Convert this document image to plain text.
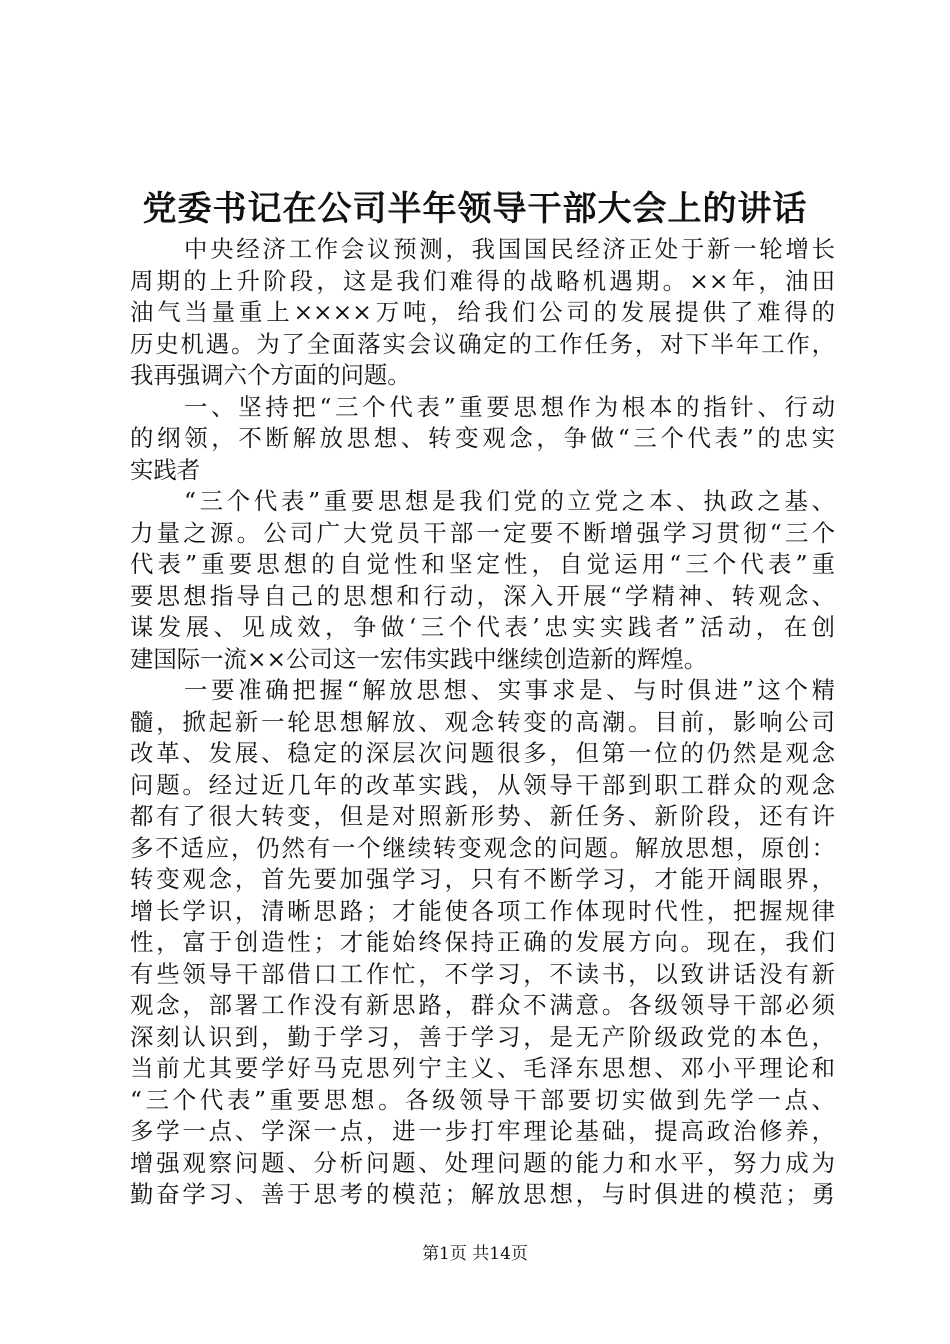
党委书记在公司半年领导干部大会上的讲话
中央经济工作会议预测，我国国民经济正处于新一轮增长
周期的上升阶段，这是我们难得的战略机遇期。××年，油田
油气当量重上××××万吨，给我们公司的发展提供了难得的
历史机遇。为了全面落实会议确定的工作任务，对下半年工作，
我再强调六个方面的问题。
一、坚持把“三个代表”重要思想作为根本的指针、行动
的纲领，不断解放思想、转变观念，争做“三个代表”的忠实
实践者
“三个代表”重要思想是我们党的立党之本、执政之基、
力量之源。公司广大党员干部一定要不断增强学习贯彻“三个
代表”重要思想的自觉性和坚定性，自觉运用“三个代表”重
要思想指导自己的思想和行动，深入开展“学精神、转观念、
谋发展、见成效，争做‘三个代表’忠实实践者”活动，在创
建国际一流××公司这一宏伟实践中继续创造新的辉煌。
一要准确把握“解放思想、实事求是、与时俱进”这个精
髓，掀起新一轮思想解放、观念转变的高潮。目前，影响公司
改革、发展、稳定的深层次问题很多，但第一位的仍然是观念
问题。经过近几年的改革实践，从领导干部到职工群众的观念
都有了很大转变，但是对照新形势、新任务、新阶段，还有许
多不适应，仍然有一个继续转变观念的问题。解放思想，原创：
转变观念，首先要加强学习，只有不断学习，才能开阔眼界，
增长学识，清晰思路；才能使各项工作体现时代性，把握规律
性，富于创造性；才能始终保持正确的发展方向。现在，我们
有些领导干部借口工作忙，不学习，不读书，以致讲话没有新
观念，部署工作没有新思路，群众不满意。各级领导干部必须
深刻认识到，勤于学习，善于学习，是无产阶级政党的本色，
当前尤其要学好马克思列宁主义、毛泽东思想、邓小平理论和
“三个代表”重要思想。各级领导干部要切实做到先学一点、
多学一点、学深一点，进一步打牢理论基础，提高政治修养，
增强观察问题、分析问题、处理问题的能力和水平，努力成为
勤奋学习、善于思考的模范；解放思想，与时俱进的模范；勇
第1页 共14页
